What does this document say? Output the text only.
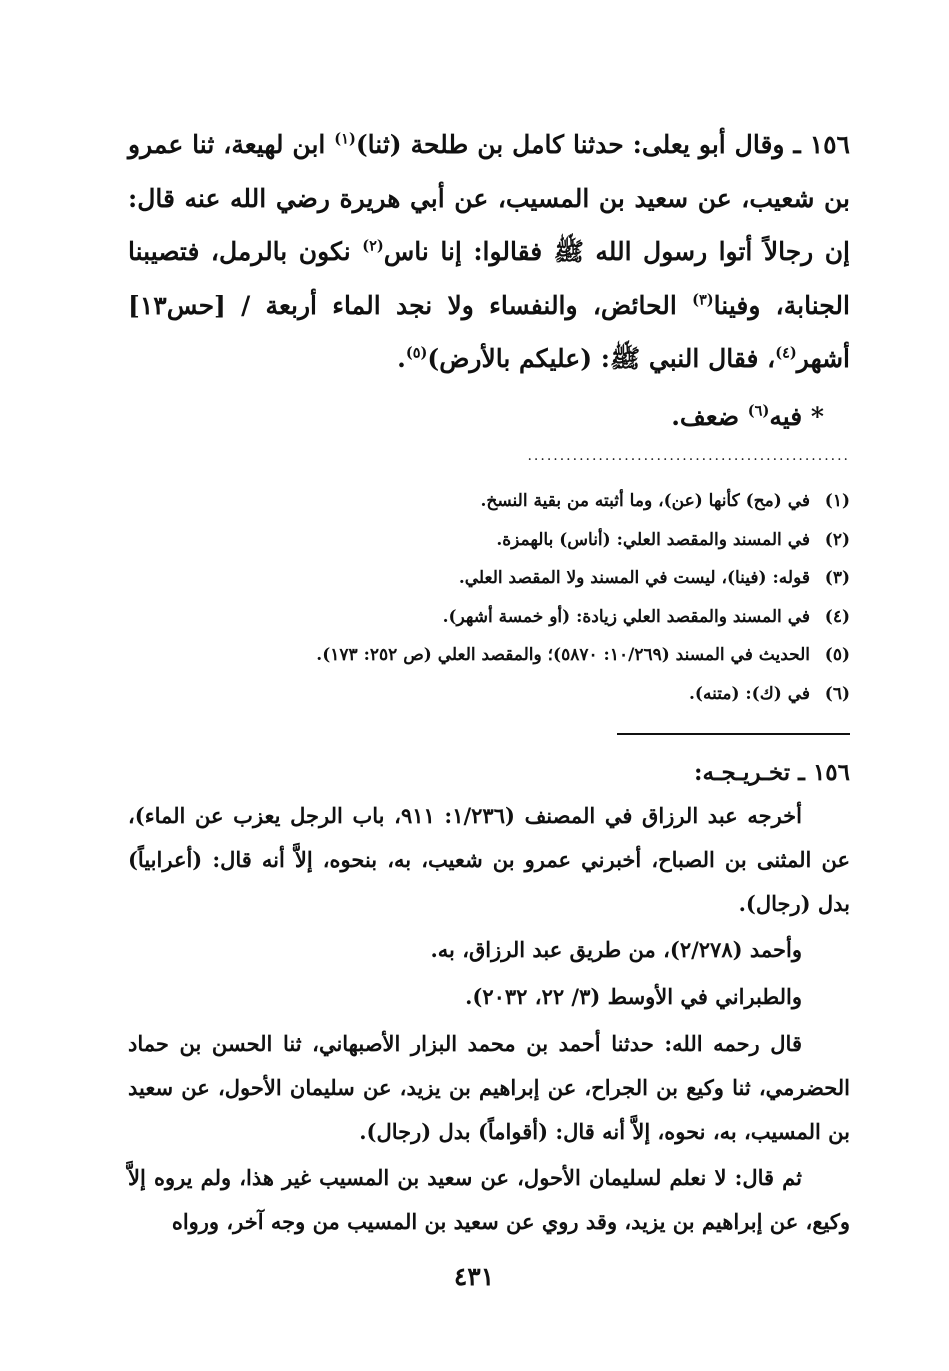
١٥٦ ـ وقال أبو يعلى: حدثنا كامل بن طلحة (ثنا)$^{(١)}$ ابن لهيعة، ثنا عمرو بن شعيب، عن سعيد بن المسيب، عن أبي هريرة رضي الله عنه قال: إن رجالاً أتوا رسول الله ﷺ فقالوا: إنا ناس$^{(٢)}$ نكون بالرمل، فتصيبنا الجنابة، وفينا$^{(٣)}$ الحائض، والنفساء ولا نجد الماء أربعة / [حس١٣] أشهر$^{(٤)}$، فقال النبي ﷺ: (عليكم بالأرض)$^{(٥)}$.

* فيه$^{(٦)}$ ضعف.

..................................................
(١)
في (مح) كأنها (عن)، وما أثبته من بقية النسخ.
(٢)
في المسند والمقصد العلي: (أناس) بالهمزة.
(٣)
قوله: (فينا)، ليست في المسند ولا المقصد العلي.
(٤)
في المسند والمقصد العلي زيادة: (أو خمسة أشهر).
(٥)
الحديث في المسند (١٠/٢٦٩: ٥٨٧٠)؛ والمقصد العلي (ص ٢٥٢: ١٧٣).
(٦)
في (ك): (متنه).
١٥٦ ـ تخـريـجـه:

أخرجه عبد الرزاق في المصنف (١/٢٣٦: ٩١١، باب الرجل يعزب عن الماء)، عن المثنى بن الصباح، أخبرني عمرو بن شعيب، به، بنحوه، إلاَّ أنه قال: (أعرابياً) بدل (رجال).

وأحمد (٢/٢٧٨)، من طريق عبد الرزاق، به.

والطبراني في الأوسط (٣/ ٢٢، ٢٠٣٢).

قال رحمه الله: حدثنا أحمد بن محمد البزار الأصبهاني، ثنا الحسن بن حماد الحضرمي، ثنا وكيع بن الجراح، عن إبراهيم بن يزيد، عن سليمان الأحول، عن سعيد بن المسيب، به، نحوه، إلاَّ أنه قال: (أقواماً) بدل (رجال).

ثم قال: لا نعلم لسليمان الأحول، عن سعيد بن المسيب غير هذا، ولم يروه إلاَّ وكيع، عن إبراهيم بن يزيد، وقد روي عن سعيد بن المسيب من وجه آخر، ورواه

٤٣١
